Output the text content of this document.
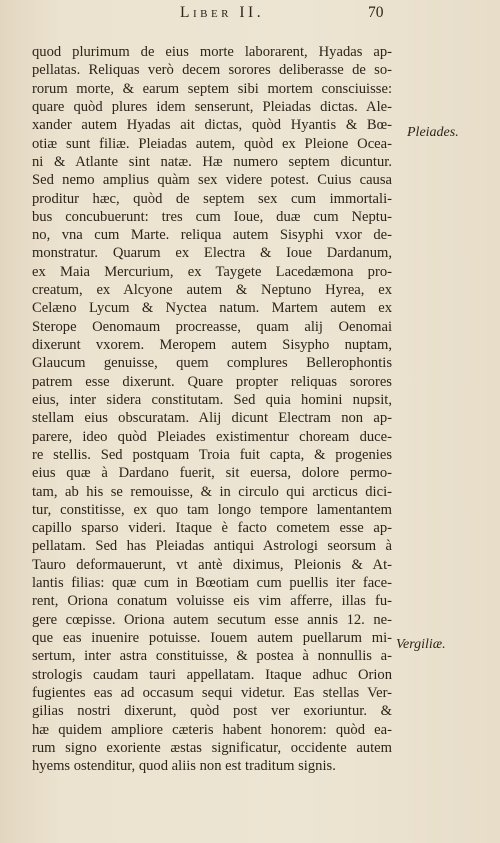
Liber II.	70
quod plurimum de eius morte laborarent, Hyadas ap-
pellatas. Reliquas verò decem sorores deliberasse de so-
rorum morte, & earum septem sibi mortem consciuisse:
quare quòd plures idem senserunt, Pleiadas dictas. Ale-
xander autem Hyadas ait dictas, quòd Hyantis & Bœ-
otiæ sunt filiæ. Pleiadas autem, quòd ex Pleione Ocea-
ni & Atlante sint natæ. Hæ numero septem dicuntur.
Sed nemo amplius quàm sex videre potest. Cuius causa
proditur hæc, quòd de septem sex cum immortali-
bus concubuerunt: tres cum Ioue, duæ cum Neptu-
no, vna cum Marte. reliqua autem Sisyphi vxor de-
monstratur. Quarum ex Electra & Ioue Dardanum,
ex Maia Mercurium, ex Taygete Lacedæmona pro-
creatum, ex Alcyone autem & Neptuno Hyrea, ex
Celæno Lycum & Nyctea natum. Martem autem ex
Sterope Oenomaum procreasse, quam alij Oenomai
dixerunt vxorem. Meropem autem Sisypho nuptam,
Glaucum genuisse, quem complures Bellerophontis
patrem esse dixerunt. Quare propter reliquas sorores
eius, inter sidera constitutam. Sed quia homini nupsit,
stellam eius obscuratam. Alij dicunt Electram non ap-
parere, ideo quòd Pleiades existimentur choream duce-
re stellis. Sed postquam Troia fuit capta, & progenies
eius quæ à Dardano fuerit, sit euersa, dolore permo-
tam, ab his se remouisse, & in circulo qui arcticus dici-
tur, constitisse, ex quo tam longo tempore lamentantem
capillo sparso videri. Itaque è facto cometem esse ap-
pellatam. Sed has Pleiadas antiqui Astrologi seorsum à
Tauro deformauerunt, vt antè diximus, Pleionis & At-
lantis filias: quæ cum in Bœotiam cum puellis iter face-
rent, Oriona conatum voluisse eis vim afferre, illas fu-
gere cœpisse. Oriona autem secutum esse annis 12. ne-
que eas inuenire potuisse. Iouem autem puellarum mi-
sertum, inter astra constituisse, & postea à nonnullis a-
strologis caudam tauri appellatam. Itaque adhuc Orion
fugientes eas ad occasum sequi videtur. Eas stellas Ver-
gilias nostri dixerunt, quòd post ver exoriuntur. &
hæ quidem ampliore cæteris habent honorem: quòd ea-
rum signo exoriente æstas significatur, occidente autem
hyems ostenditur, quod aliis non est traditum signis.
Pleiades.
Vergiliæ.
